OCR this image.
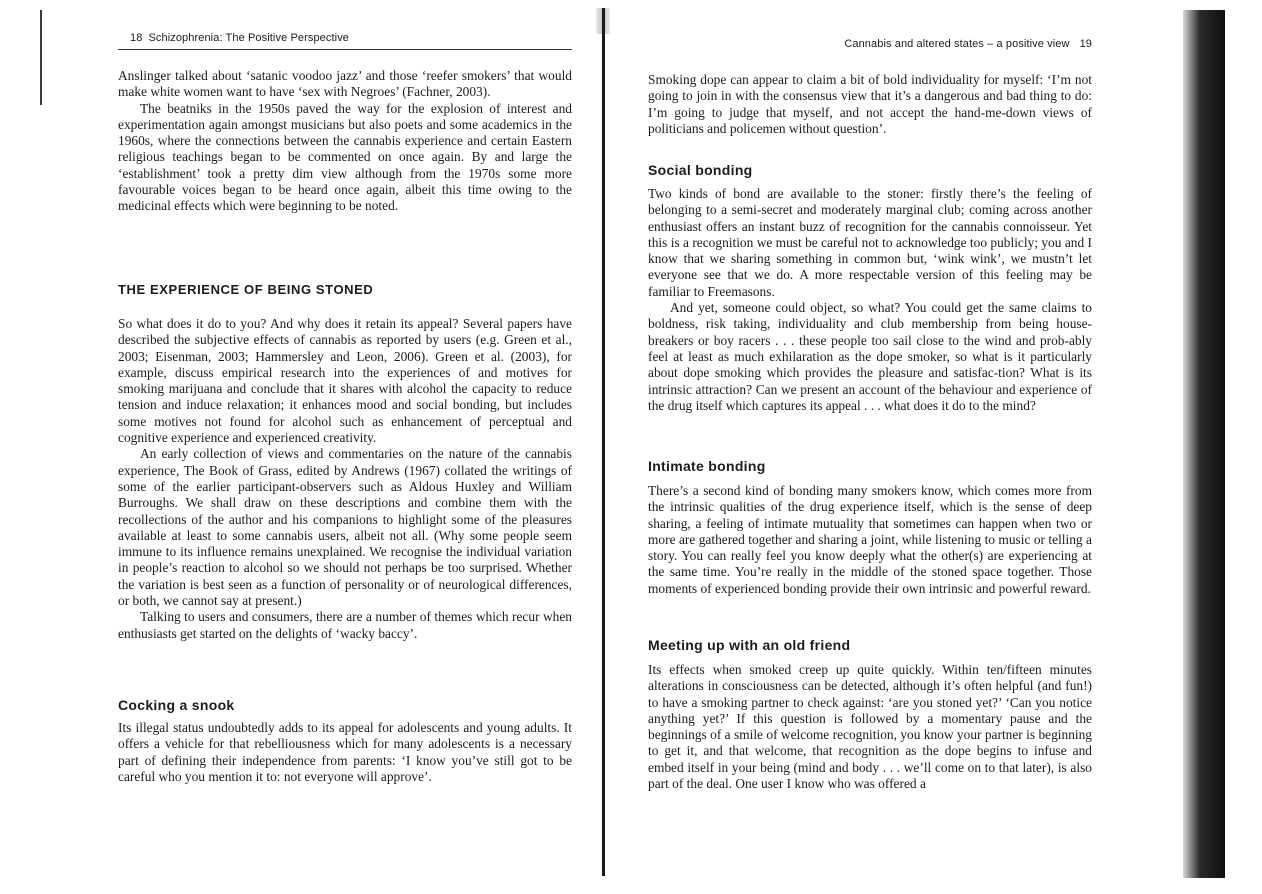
18 Schizophrenia: The Positive Perspective

Anslinger talked about ‘satanic voodoo jazz’ and those ‘reefer smokers’ that would make white women want to have ‘sex with Negroes’ (Fachner, 2003).

The beatniks in the 1950s paved the way for the explosion of interest and experimentation again amongst musicians but also poets and some academics in the 1960s, where the connections between the cannabis experience and certain Eastern religious teachings began to be commented on once again. By and large the ‘establishment’ took a pretty dim view although from the 1970s some more favourable voices began to be heard once again, albeit this time owing to the medicinal effects which were beginning to be noted.

THE EXPERIENCE OF BEING STONED

So what does it do to you? And why does it retain its appeal? Several papers have described the subjective effects of cannabis as reported by users (e.g. Green et al., 2003; Eisenman, 2003; Hammersley and Leon, 2006). Green et al. (2003), for example, discuss empirical research into the experiences of and motives for smoking marijuana and conclude that it shares with alcohol the capacity to reduce tension and induce relaxation; it enhances mood and social bonding, but includes some motives not found for alcohol such as enhancement of perceptual and cognitive experience and experienced creativity.

An early collection of views and commentaries on the nature of the cannabis experience, The Book of Grass, edited by Andrews (1967) collated the writings of some of the earlier participant-observers such as Aldous Huxley and William Burroughs. We shall draw on these descriptions and combine them with the recollections of the author and his companions to highlight some of the pleasures available at least to some cannabis users, albeit not all. (Why some people seem immune to its influence remains unexplained. We recognise the individual variation in people’s reaction to alcohol so we should not perhaps be too surprised. Whether the variation is best seen as a function of personality or of neurological differences, or both, we cannot say at present.)

Talking to users and consumers, there are a number of themes which recur when enthusiasts get started on the delights of ‘wacky baccy’.

Cocking a snook

Its illegal status undoubtedly adds to its appeal for adolescents and young adults. It offers a vehicle for that rebelliousness which for many adolescents is a necessary part of defining their independence from parents: ‘I know you’ve still got to be careful who you mention it to: not everyone will approve’.

Cannabis and altered states – a positive view 19

Smoking dope can appear to claim a bit of bold individuality for myself: ‘I’m not going to join in with the consensus view that it’s a dangerous and bad thing to do: I’m going to judge that myself, and not accept the hand-me-down views of politicians and policemen without question’.

Social bonding

Two kinds of bond are available to the stoner: firstly there’s the feeling of belonging to a semi-secret and moderately marginal club; coming across another enthusiast offers an instant buzz of recognition for the cannabis connoisseur. Yet this is a recognition we must be careful not to acknowledge too publicly; you and I know that we sharing something in common but, ‘wink wink’, we mustn’t let everyone see that we do. A more respectable version of this feeling may be familiar to Freemasons.

And yet, someone could object, so what? You could get the same claims to boldness, risk taking, individuality and club membership from being house-breakers or boy racers . . . these people too sail close to the wind and prob-ably feel at least as much exhilaration as the dope smoker, so what is it particularly about dope smoking which provides the pleasure and satisfac-tion? What is its intrinsic attraction? Can we present an account of the behaviour and experience of the drug itself which captures its appeal . . . what does it do to the mind?

Intimate bonding

There’s a second kind of bonding many smokers know, which comes more from the intrinsic qualities of the drug experience itself, which is the sense of deep sharing, a feeling of intimate mutuality that sometimes can happen when two or more are gathered together and sharing a joint, while listening to music or telling a story. You can really feel you know deeply what the other(s) are experiencing at the same time. You’re really in the middle of the stoned space together. Those moments of experienced bonding provide their own intrinsic and powerful reward.

Meeting up with an old friend

Its effects when smoked creep up quite quickly. Within ten/fifteen minutes alterations in consciousness can be detected, although it’s often helpful (and fun!) to have a smoking partner to check against: ‘are you stoned yet?’ ‘Can you notice anything yet?’ If this question is followed by a momentary pause and the beginnings of a smile of welcome recognition, you know your partner is beginning to get it, and that welcome, that recognition as the dope begins to infuse and embed itself in your being (mind and body . . . we’ll come on to that later), is also part of the deal. One user I know who was offered a
